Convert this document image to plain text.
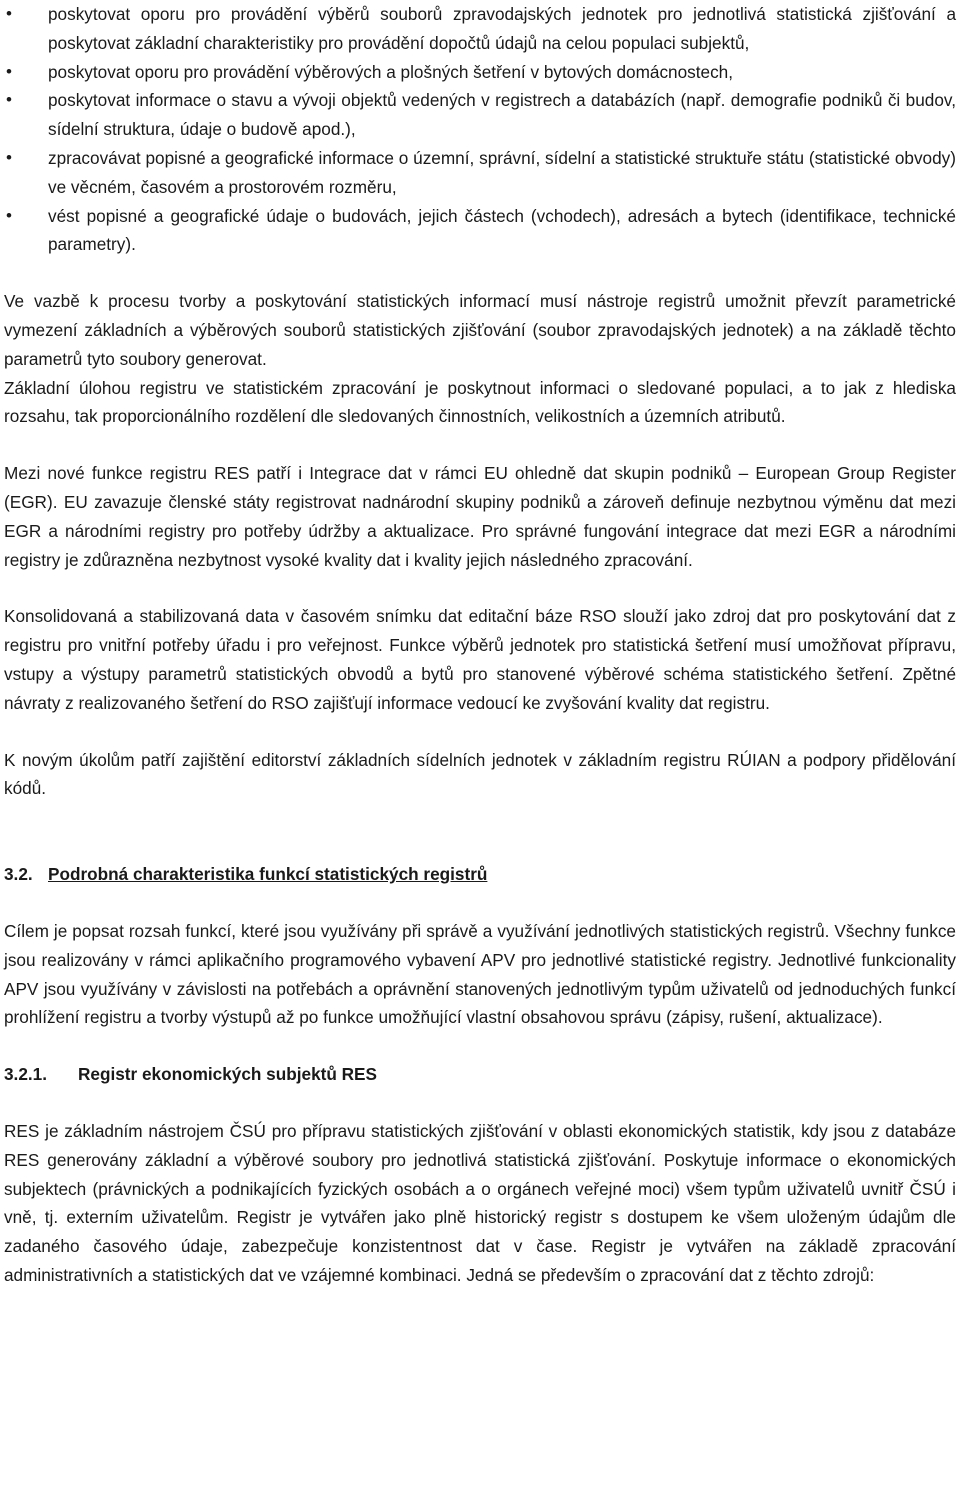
• poskytovat oporu pro provádění výběrů souborů zpravodajských jednotek pro jednotlivá statistická zjišťování a poskytovat základní charakteristiky pro provádění dopočtů údajů na celou populaci subjektů,
• poskytovat oporu pro provádění výběrových a plošných šetření v bytových domácnostech,
• poskytovat informace o stavu a vývoji objektů vedených v registrech a databázích (např. demografie podniků či budov, sídelní struktura, údaje o budově apod.),
• zpracovávat popisné a geografické informace o územní, správní, sídelní a statistické struktuře státu (statistické obvody) ve věcném, časovém a prostorovém rozměru,
• vést popisné a geografické údaje o budovách, jejich částech (vchodech), adresách a bytech (identifikace, technické parametry).

Ve vazbě k procesu tvorby a poskytování statistických informací musí nástroje registrů umožnit převzít parametrické vymezení základních a výběrových souborů statistických zjišťování (soubor zpravodajských jednotek) a na základě těchto parametrů tyto soubory generovat.

Základní úlohou registru ve statistickém zpracování je poskytnout informaci o sledované populaci, a to jak z hlediska rozsahu, tak proporcionálního rozdělení dle sledovaných činnostních, velikostních a územních atributů.

Mezi nové funkce registru RES patří i Integrace dat v rámci EU ohledně dat skupin podniků – European Group Register (EGR). EU zavazuje členské státy registrovat nadnárodní skupiny podniků a zároveň definuje nezbytnou výměnu dat mezi EGR a národními registry pro potřeby údržby a aktualizace. Pro správné fungování integrace dat mezi EGR a národními registry je zdůrazněna nezbytnost vysoké kvality dat i kvality jejich následného zpracování.

Konsolidovaná a stabilizovaná data v časovém snímku dat editační báze RSO slouží jako zdroj dat pro poskytování dat z registru pro vnitřní potřeby úřadu i pro veřejnost. Funkce výběrů jednotek pro statistická šetření musí umožňovat přípravu, vstupy a výstupy parametrů statistických obvodů a bytů pro stanovené výběrové schéma statistického šetření. Zpětné návraty z realizovaného šetření do RSO zajišťují informace vedoucí ke zvyšování kvality dat registru.

K novým úkolům patří zajištění editorství základních sídelních jednotek v základním registru RÚIAN a podpory přidělování kódů.

3.2. Podrobná charakteristika funkcí statistických registrů

Cílem je popsat rozsah funkcí, které jsou využívány při správě a využívání jednotlivých statistických registrů. Všechny funkce jsou realizovány v rámci aplikačního programového vybavení APV pro jednotlivé statistické registry. Jednotlivé funkcionality APV jsou využívány v závislosti na potřebách a oprávnění stanovených jednotlivým typům uživatelů od jednoduchých funkcí prohlížení registru a tvorby výstupů až po funkce umožňující vlastní obsahovou správu (zápisy, rušení, aktualizace).

3.2.1. Registr ekonomických subjektů RES

RES je základním nástrojem ČSÚ pro přípravu statistických zjišťování v oblasti ekonomických statistik, kdy jsou z databáze RES generovány základní a výběrové soubory pro jednotlivá statistická zjišťování. Poskytuje informace o ekonomických subjektech (právnických a podnikajících fyzických osobách a o orgánech veřejné moci) všem typům uživatelů uvnitř ČSÚ i vně, tj. externím uživatelům. Registr je vytvářen jako plně historický registr s dostupem ke všem uloženým údajům dle zadaného časového údaje, zabezpečuje konzistentnost dat v čase. Registr je vytvářen na základě zpracování administrativních a statistických dat ve vzájemné kombinaci. Jedná se především o zpracování dat z těchto zdrojů:
